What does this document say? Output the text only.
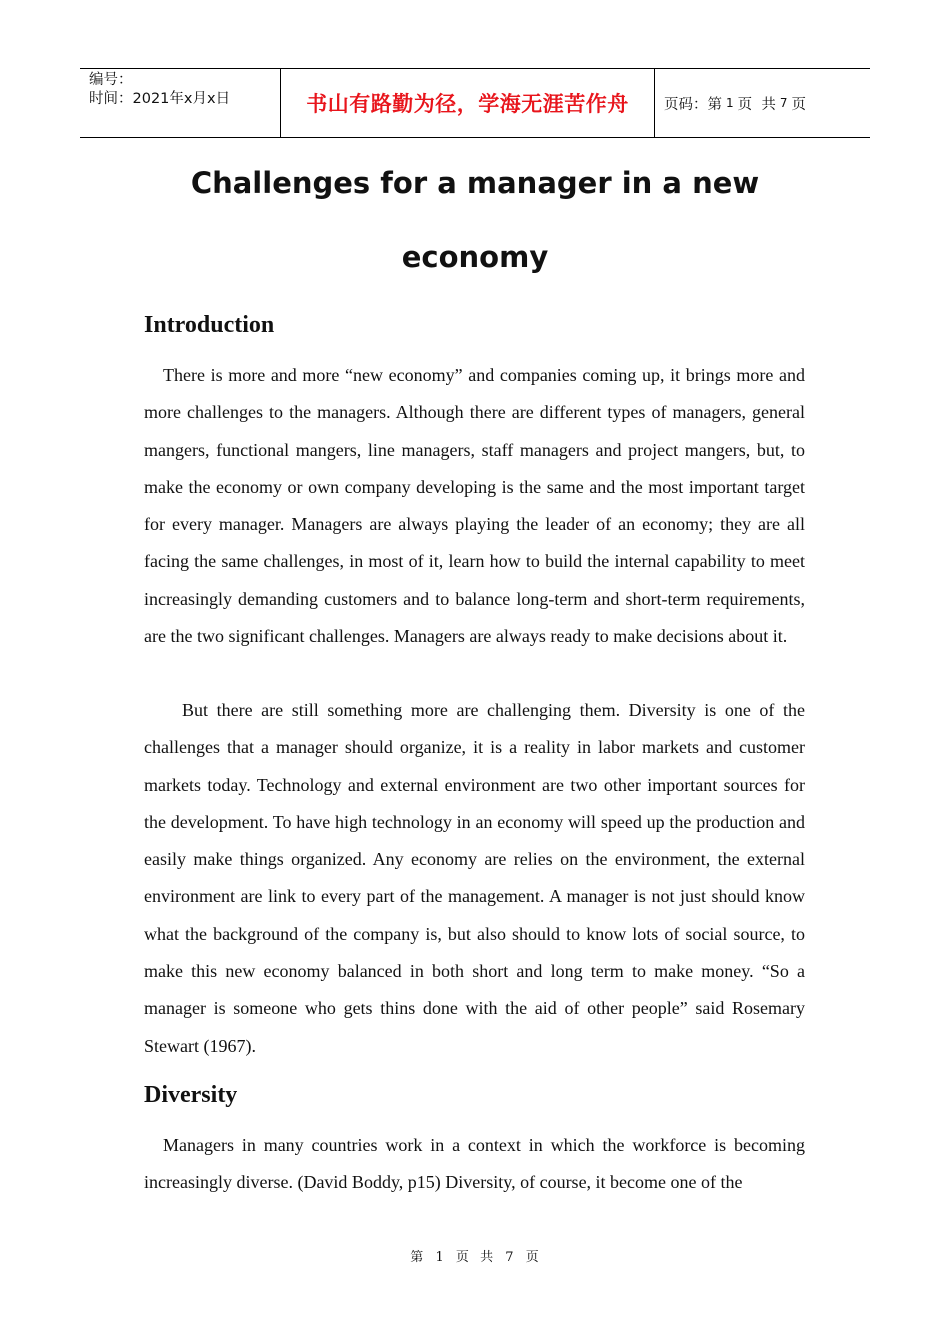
编号：
时间：2021年x月x日	书山有路勤为径，学海无涯苦作舟	页码：第 1 页  共 7 页
Challenges for a manager in a new
economy
Introduction

There is more and more “new economy” and companies coming up, it brings more and more challenges to the managers. Although there are different types of managers, general mangers, functional mangers, line managers, staff managers and project mangers, but, to make the economy or own company developing is the same and the most important target for every manager. Managers are always playing the leader of an economy; they are all facing the same challenges, in most of it, learn how to build the internal capability to meet increasingly demanding customers and to balance long-term and short-term requirements, are the two significant challenges. Managers are always ready to make decisions about it.

But there are still something more are challenging them. Diversity is one of the challenges that a manager should organize, it is a reality in labor markets and customer markets today. Technology and external environment are two other important sources for the development. To have high technology in an economy will speed up the production and easily make things organized. Any economy are relies on the environment, the external environment are link to every part of the management. A manager is not just should know what the background of the company is, but also should to know lots of social source, to make this new economy balanced in both short and long term to make money. “So a manager is someone who gets thins done with the aid of other people” said Rosemary Stewart (1967).

Diversity

Managers in many countries work in a context in which the workforce is becoming increasingly diverse. (David Boddy, p15) Diversity, of course, it become one of the

第 1 页  共 7 页
